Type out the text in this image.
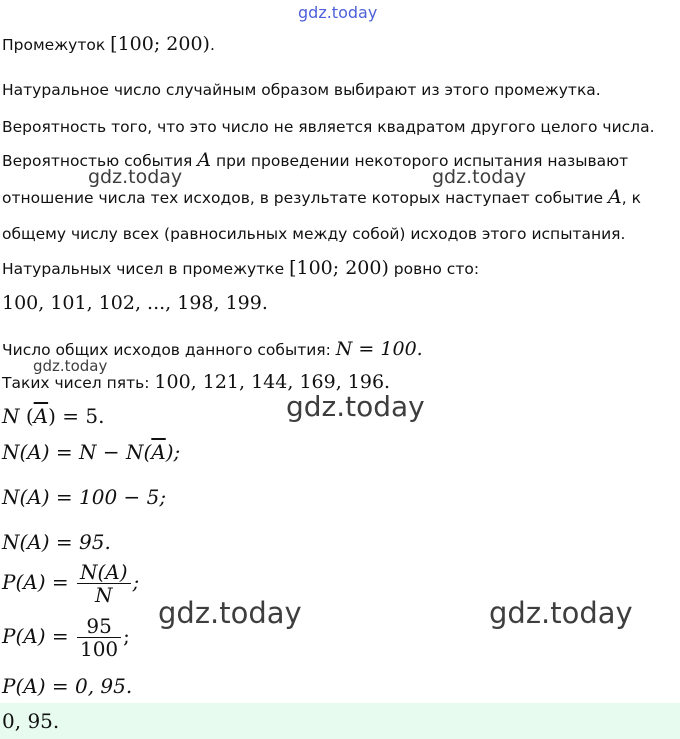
gdz.today
gdz.today	gdz.today
gdz.today
gdz.today
gdz.today	gdz.today
Промежуток [100; 200).
Натуральное число случайным образом выбирают из этого промежутка.
Вероятность того, что это число не является квадратом другого целого числа.
Вероятностью события A при проведении некоторого испытания называют
отношение числа тех исходов, в результате которых наступает событие A, к
общему числу всех (равносильных между собой) исходов этого испытания.
Натуральных чисел в промежутке [100; 200) ровно сто:
100, 101, 102, ..., 198, 199.
Число общих исходов данного события: N = 100.
Таких чисел пять: 100, 121, 144, 169, 196.
N $(\overline{A}) = 5$.
$N(A) = N - N(\overline{A})$;
N(A) = 100 − 5;
N(A) = 95.
$P(A) = \frac{N(A)}{N}$ ;
$P(A) = \frac{95}{100}$ ;
P(A) = 0, 95.
0, 95.
